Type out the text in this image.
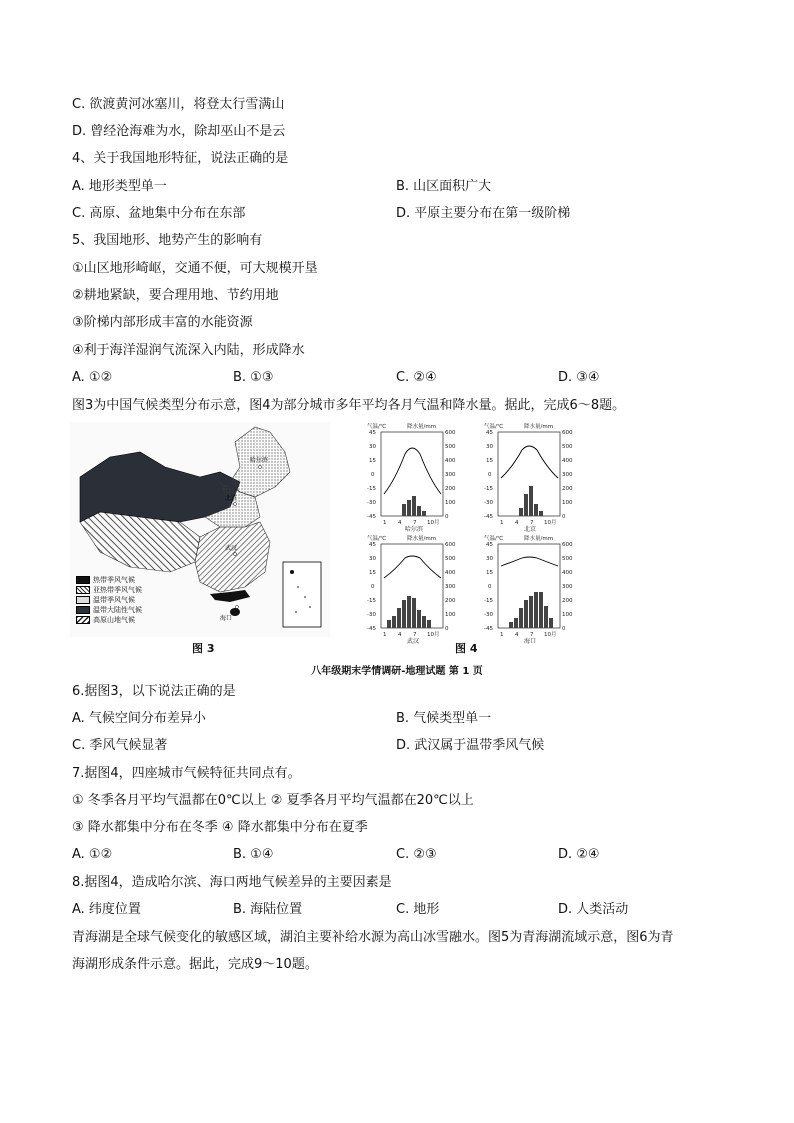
C. 欲渡黄河冰塞川，将登太行雪满山
D. 曾经沧海难为水，除却巫山不是云
4、关于我国地形特征，说法正确的是
A. 地形类型单一	B. 山区面积广大
C. 高原、盆地集中分布在东部	D. 平原主要分布在第一级阶梯
5、我国地形、地势产生的影响有
①山区地形崎岖，交通不便，可大规模开垦
②耕地紧缺，要合理用地、节约用地
③阶梯内部形成丰富的水能资源
④利于海洋湿润气流深入内陆，形成降水
A. ①②	B. ①③	C. ②④	D. ③④
图3为中国气候类型分布示意，图4为部分城市多年平均各月气温和降水量。据此，完成6～8题。
海口
哈尔滨
北京
武汉
热带季风气候
亚热带季风气候
温带季风气候
温带大陆性气候
高原山地气候
图 3
气温/℃	降水量/mm
45
30
15
0
-15
-30
-45
600
500
400
300
200
100
0
1 4 7 10月
哈尔滨
气温/℃	降水量/mm
45
30
15
0
-15
-30
-45
600
500
400
300
200
100
0
1 4 7 10月
北京
气温/℃	降水量/mm
45
30
15
0
-15
-30
-45
600
500
400
300
200
100
0
1 4 7 10月
武汉
气温/℃	降水量/mm
45
30
15
0
-15
-30
-45
600
500
400
300
200
100
0
1 4 7 10月
海口
图 4
八年级期末学情调研-地理试题 第 1 页
6.据图3，以下说法正确的是
A. 气候空间分布差异小	B. 气候类型单一
C. 季风气候显著	D. 武汉属于温带季风气候
7.据图4，四座城市气候特征共同点有。
① 冬季各月平均气温都在0℃以上 ② 夏季各月平均气温都在20℃以上
③ 降水都集中分布在冬季 ④ 降水都集中分布在夏季
A. ①②	B. ①④	C. ②③	D. ②④
8.据图4，造成哈尔滨、海口两地气候差异的主要因素是
A. 纬度位置	B. 海陆位置	C. 地形	D. 人类活动
青海湖是全球气候变化的敏感区域，湖泊主要补给水源为高山冰雪融水。图5为青海湖流域示意，图6为青
海湖形成条件示意。据此，完成9～10题。
